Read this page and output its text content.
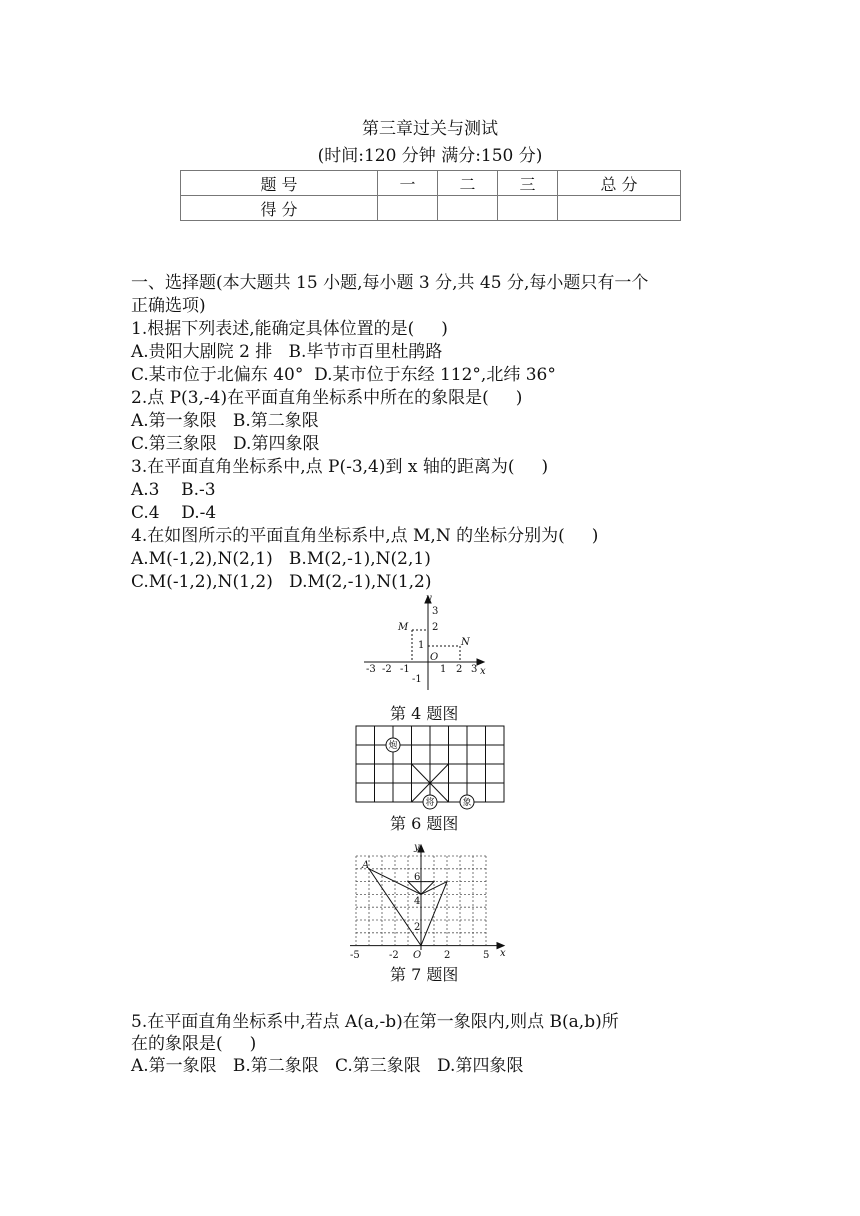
第三章过关与测试
(时间:120 分钟 满分:150 分)
题 号	一	二	三	总 分
得 分				
一、选择题(本大题共 15 小题,每小题 3 分,共 45 分,每小题只有一个
正确选项)
1.根据下列表述,能确定具体位置的是(     )
A.贵阳大剧院 2 排   B.毕节市百里杜鹃路
C.某市位于北偏东 40°  D.某市位于东经 112°,北纬 36°
2.点 P(3,-4)在平面直角坐标系中所在的象限是(     )
A.第一象限   B.第二象限
C.第三象限   D.第四象限
3.在平面直角坐标系中,点 P(-3,4)到 x 轴的距离为(     )
A.3    B.-3
C.4    D.-4
4.在如图所示的平面直角坐标系中,点 M,N 的坐标分别为(     )
A.M(-1,2),N(2,1)   B.M(2,-1),N(2,1)
C.M(-1,2),N(1,2)   D.M(2,-1),N(1,2)
y
x
M
N
O
-3 -2 -1	1 2 3
3
2
1
-1
第 4 题图
炮
将	象
第 6 题图
y
x
A
-5	-2 O 2	5
6
4
2
第 7 题图
5.在平面直角坐标系中,若点 A(a,-b)在第一象限内,则点 B(a,b)所
在的象限是(     )
A.第一象限   B.第二象限   C.第三象限   D.第四象限
